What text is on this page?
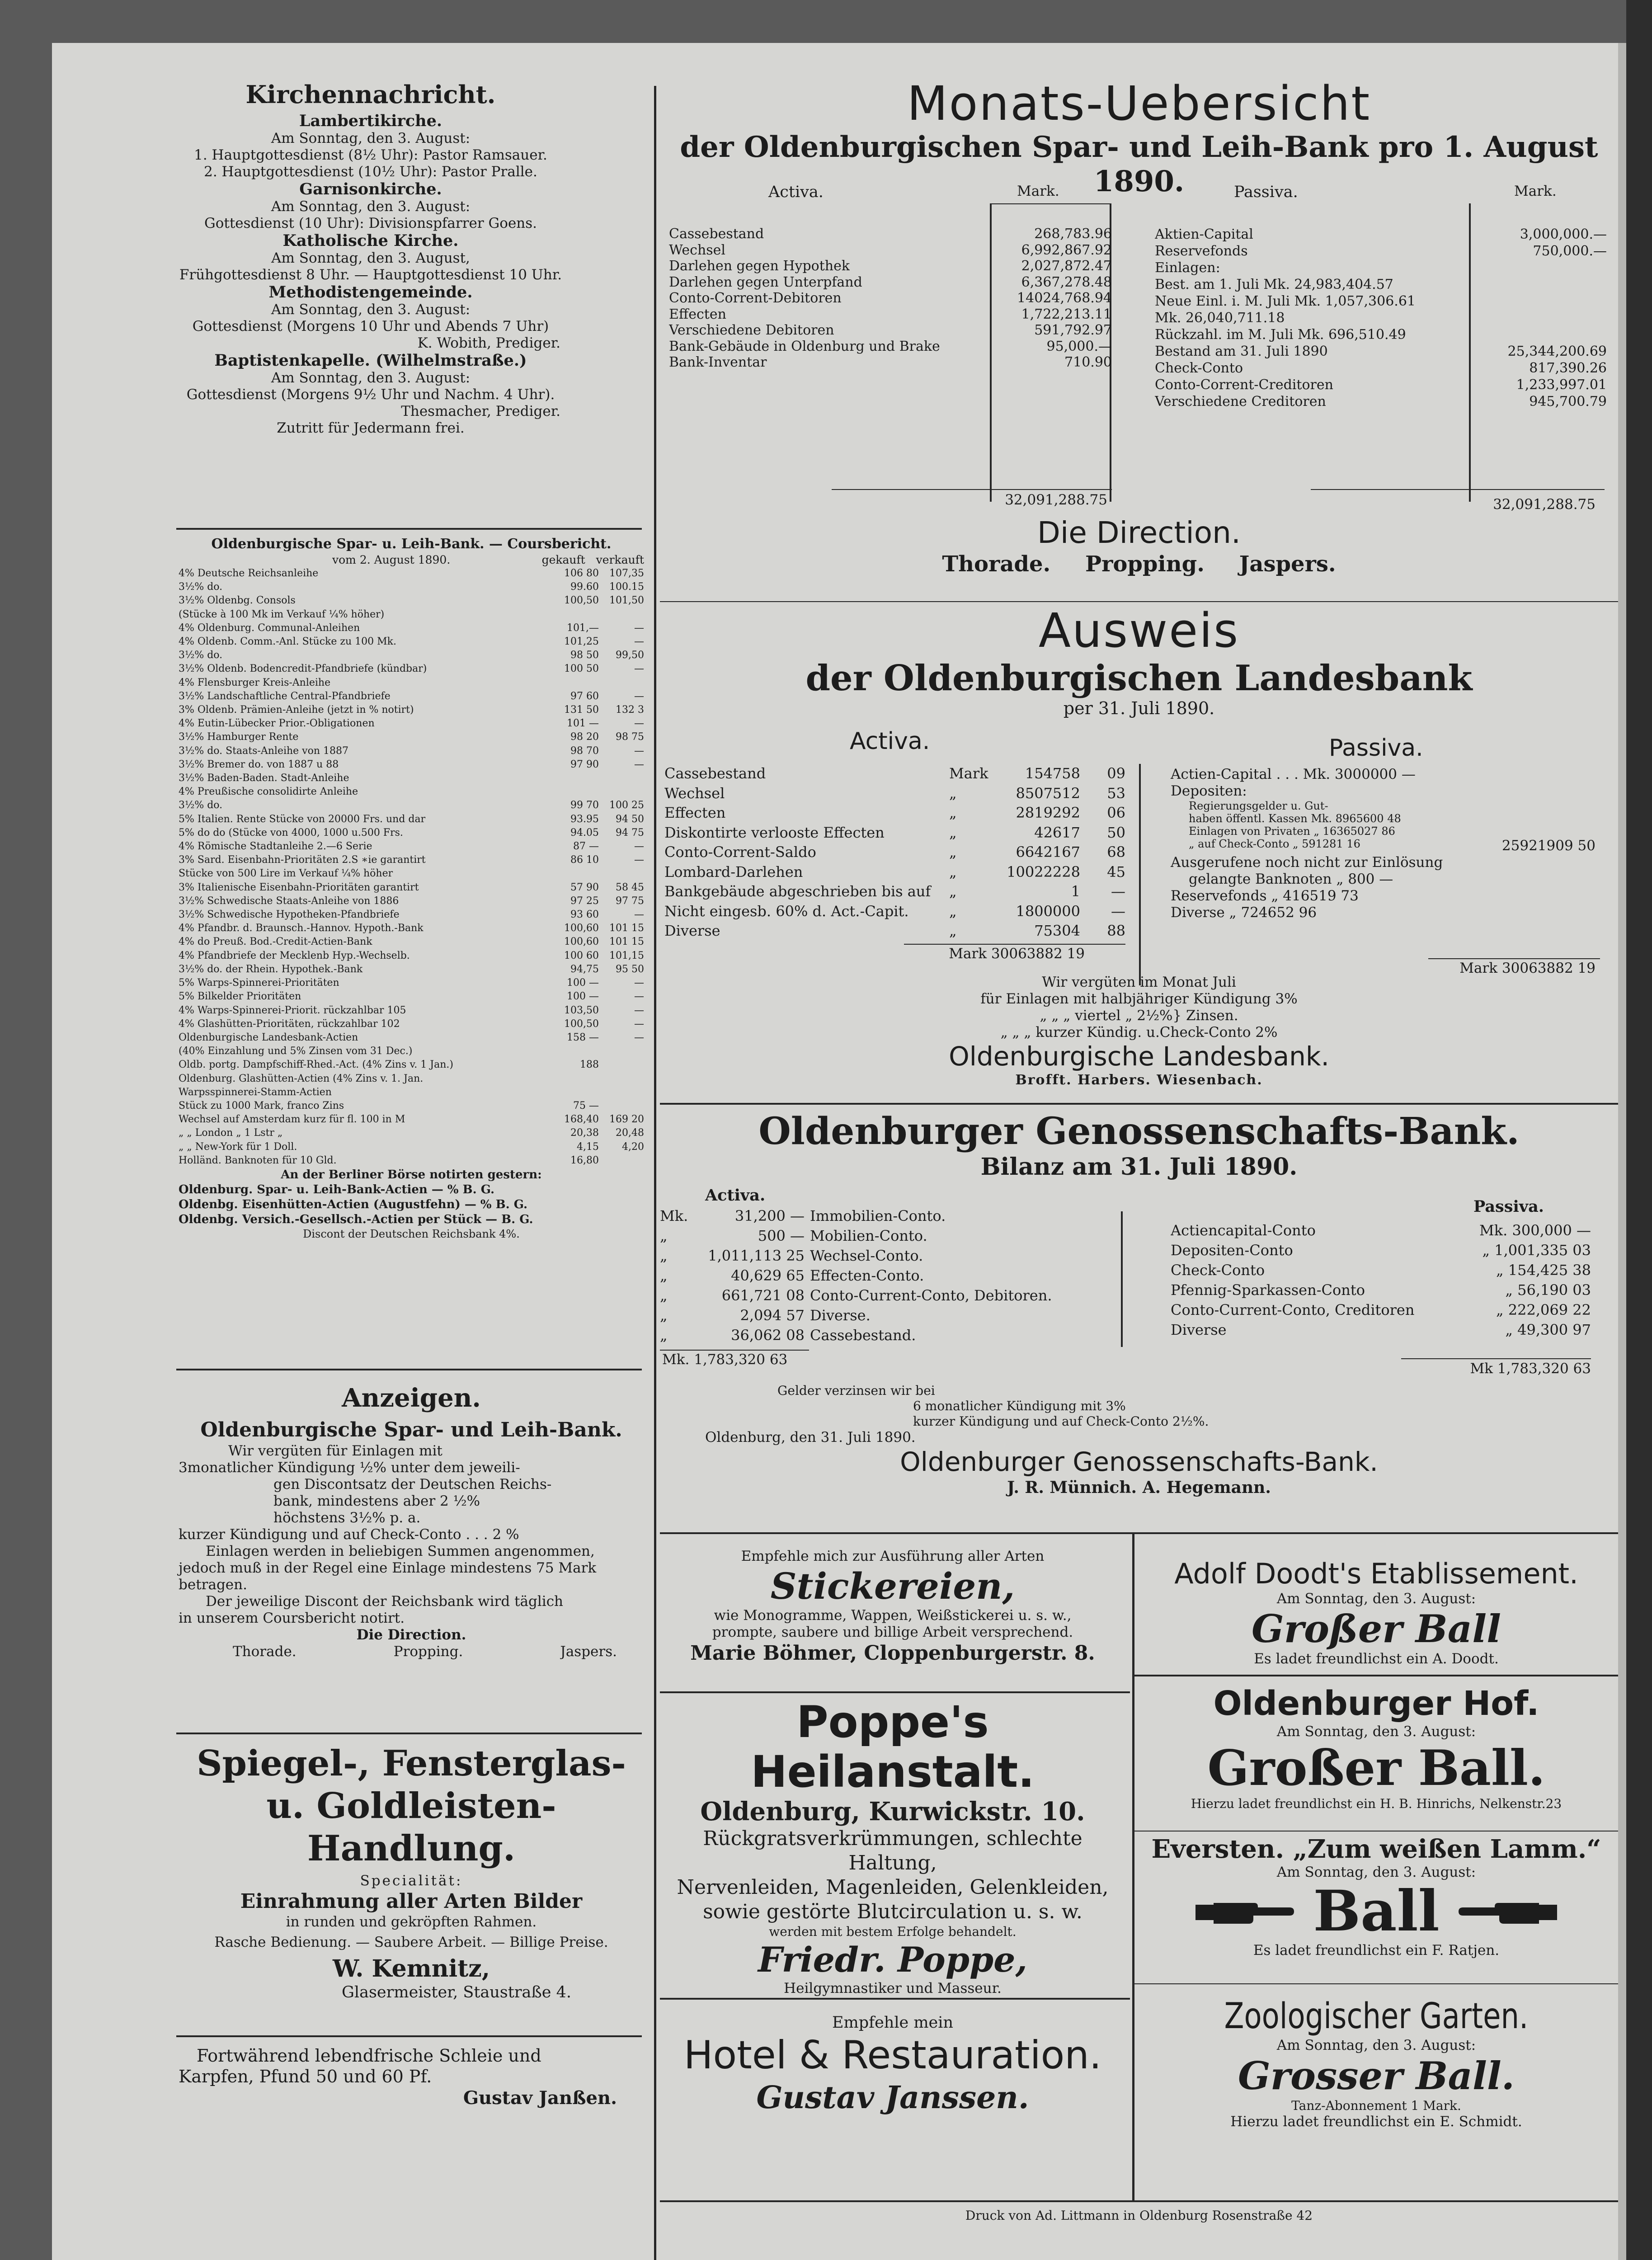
Kirchennachricht.
Lambertikirche.
Am Sonntag, den 3. August:
1. Hauptgottesdienst (8½ Uhr): Pastor Ramsauer.
2. Hauptgottesdienst (10½ Uhr): Pastor Pralle.
Garnisonkirche.
Am Sonntag, den 3. August:
Gottesdienst (10 Uhr): Divisionspfarrer Goens.
Katholische Kirche.
Am Sonntag, den 3. August,
Frühgottesdienst 8 Uhr. — Hauptgottesdienst 10 Uhr.
Methodistengemeinde.
Am Sonntag, den 3. August:
Gottesdienst (Morgens 10 Uhr und Abends 7 Uhr)
K. Wobith, Prediger.
Baptistenkapelle. (Wilhelmstraße.)
Am Sonntag, den 3. August:
Gottesdienst (Morgens 9½ Uhr und Nachm. 4 Uhr).
Thesmacher, Prediger.
Zutritt für Jedermann frei.
Oldenburgische Spar- u. Leih-Bank. — Coursbericht.
vom 2. August 1890.	gekauft verkauft
4% Deutsche Reichsanleihe	106 80	107,35
3½% do.	99.60	100.15
3½% Oldenbg. Consols	100,50	101,50
(Stücke à 100 Mk im Verkauf ¼% höher)
4% Oldenburg. Communal-Anleihen	101,—	—
4% Oldenb. Comm.-Anl. Stücke zu 100 Mk.	101,25	—
3½% do.	98 50	99,50
3½% Oldenb. Bodencredit-Pfandbriefe (kündbar)	100 50	—
4% Flensburger Kreis-Anleihe
3½% Landschaftliche Central-Pfandbriefe	97 60	—
3% Oldenb. Prämien-Anleihe (jetzt in % notirt)	131 50	132 3
4% Eutin-Lübecker Prior.-Obligationen	101 —	—
3½% Hamburger Rente	98 20	98 75
3½% do. Staats-Anleihe von 1887	98 70	—
3½% Bremer do. von 1887 u 88	97 90	—
3½% Baden-Baden. Stadt-Anleihe
4% Preußische consolidirte Anleihe
3½% do.	99 70	100 25
5% Italien. Rente Stücke von 20000 Frs. und dar	93.95	94 50
5% do do (Stücke von 4000, 1000 u.500 Frs.	94.05	94 75
4% Römische Stadtanleihe 2.—6 Serie	87 —	—
3% Sard. Eisenbahn-Prioritäten 2.S ∗ie garantirt	86 10	—
Stücke von 500 Lire im Verkauf ¼% höher
3% Italienische Eisenbahn-Prioritäten garantirt	57 90	58 45
3½% Schwedische Staats-Anleihe von 1886	97 25	97 75
3½% Schwedische Hypotheken-Pfandbriefe	93 60	—
4% Pfandbr. d. Braunsch.-Hannov. Hypoth.-Bank	100,60	101 15
4% do Preuß. Bod.-Credit-Actien-Bank	100,60	101 15
4% Pfandbriefe der Mecklenb Hyp.-Wechselb.	100 60	101,15
3½% do. der Rhein. Hypothek.-Bank	94,75	95 50
5% Warps-Spinnerei-Prioritäten	100 —	—
5% Bilkelder Prioritäten	100 —	—
4% Warps-Spinnerei-Priorit. rückzahlbar 105	103,50	—
4% Glashütten-Prioritäten, rückzahlbar 102	100,50	—
Oldenburgische Landesbank-Actien	158 —	—
(40% Einzahlung und 5% Zinsen vom 31 Dec.)
Oldb. portg. Dampfschiff-Rhed.-Act. (4% Zins v. 1 Jan.)	188
Oldenburg. Glashütten-Actien (4% Zins v. 1. Jan.
Warpsspinnerei-Stamm-Actien
Stück zu 1000 Mark, franco Zins	75 —
Wechsel auf Amsterdam kurz für fl. 100 in M	168,40	169 20
„ „ London „ 1 Lstr „	20,38	20,48
„ „ New-York für 1 Doll.	4,15	4,20
Holländ. Banknoten für 10 Gld.	16,80
An der Berliner Börse notirten gestern:
Oldenburg. Spar- u. Leih-Bank-Actien — % B. G.
Oldenbg. Eisenhütten-Actien (Augustfehn) — % B. G.
Oldenbg. Versich.-Gesellsch.-Actien per Stück — B. G.
Discont der Deutschen Reichsbank 4%.
Anzeigen.
Oldenburgische Spar- und Leih-Bank.
Wir vergüten für Einlagen mit
3monatlicher Kündigung ½% unter dem jeweili-
gen Discontsatz der Deutschen Reichs-
bank, mindestens aber 2 ½%
höchstens 3½% p. a.
kurzer Kündigung und auf Check-Conto . . . 2 %
Einlagen werden in beliebigen Summen angenommen,
jedoch muß in der Regel eine Einlage mindestens 75 Mark
betragen.
Der jeweilige Discont der Reichsbank wird täglich
in unserem Coursbericht notirt.
Die Direction.
Thorade.	Propping.	Jaspers.
Spiegel-, Fensterglas-
u. Goldleisten-Handlung.
Specialität:
Einrahmung aller Arten Bilder
in runden und gekröpften Rahmen.
Rasche Bedienung. — Saubere Arbeit. — Billige Preise.
W. Kemnitz,
Glasermeister, Staustraße 4.
Fortwährend lebendfrische Schleie und
Karpfen, Pfund 50 und 60 Pf.
Gustav Janßen.
Monats-Uebersicht
der Oldenburgischen Spar- und Leih-Bank pro 1. August 1890.
Activa.	Mark.	Passiva.	Mark.
Cassebestand	268,783.96
Wechsel	6,992,867.92
Darlehen gegen Hypothek	2,027,872.47
Darlehen gegen Unterpfand	6,367,278.48
Conto-Corrent-Debitoren	14024,768.94
Effecten	1,722,213.11
Verschiedene Debitoren	591,792.97
Bank-Gebäude in Oldenburg und Brake	95,000.—
Bank-Inventar	710.90
Aktien-Capital	3,000,000.—
Reservefonds	750,000.—
Einlagen:
Best. am 1. Juli Mk. 24,983,404.57
Neue Einl. i. M. Juli Mk. 1,057,306.61
Mk. 26,040,711.18
Rückzahl. im M. Juli Mk. 696,510.49
Bestand am 31. Juli 1890	25,344,200.69
Check-Conto	817,390.26
Conto-Corrent-Creditoren	1,233,997.01
Verschiedene Creditoren	945,700.79
32,091,288.75	32,091,288.75
Die Direction.
Thorade. Propping. Jaspers.
Ausweis
der Oldenburgischen Landesbank
per 31. Juli 1890.
Activa.	Passiva.
Cassebestand	Mark	154758	09
Wechsel	„	8507512	53
Effecten	„	2819292	06
Diskontirte verlooste Effecten	„	42617	50
Conto-Corrent-Saldo	„	6642167	68
Lombard-Darlehen	„	10022228	45
Bankgebäude abgeschrieben bis auf	„	1	—
Nicht eingesb. 60% d. Act.-Capit.	„	1800000	—
Diverse	„	75304	88
Mark 30063882 19
Actien-Capital . . . Mk. 3000000 —
Depositen:
Regierungsgelder u. Gut-
haben öffentl. Kassen Mk. 8965600 48
Einlagen von Privaten „ 16365027 86
„ auf Check-Conto „ 591281 16	25921909 50
Ausgerufene noch nicht zur Einlösung
gelangte Banknoten „ 800 —
Reservefonds „ 416519 73
Diverse „ 724652 96
Mark 30063882 19
Wir vergüten im Monat Juli
für Einlagen mit halbjähriger Kündigung 3%
„ „ „ viertel „ 2½%} Zinsen.
„ „ „ kurzer Kündig. u.Check-Conto 2%
Oldenburgische Landesbank.
Brofft. Harbers. Wiesenbach.
Oldenburger Genossenschafts-Bank.
Bilanz am 31. Juli 1890.
Activa.
Passiva.
Mk.	31,200 — Immobilien-Conto.
„	500 — Mobilien-Conto.
„	1,011,113 25 Wechsel-Conto.
„	40,629 65 Effecten-Conto.
„	661,721 08 Conto-Current-Conto, Debitoren.
„	2,094 57 Diverse.
„	36,062 08 Cassebestand.
Mk. 1,783,320 63
Actiencapital-Conto	Mk. 300,000 —
Depositen-Conto	„ 1,001,335 03
Check-Conto	„ 154,425 38
Pfennig-Sparkassen-Conto	„ 56,190 03
Conto-Current-Conto, Creditoren	„ 222,069 22
Diverse	„ 49,300 97
Mk 1,783,320 63
Gelder verzinsen wir bei
6 monatlicher Kündigung mit 3%
kurzer Kündigung und auf Check-Conto 2½%.
Oldenburg, den 31. Juli 1890.
Oldenburger Genossenschafts-Bank.
J. R. Münnich. A. Hegemann.
Empfehle mich zur Ausführung aller Arten
Stickereien,
wie Monogramme, Wappen, Weißstickerei u. s. w.,
prompte, saubere und billige Arbeit versprechend.
Marie Böhmer, Cloppenburgerstr. 8.
Poppe's Heilanstalt.
Oldenburg, Kurwickstr. 10.
Rückgratsverkrümmungen, schlechte Haltung,
Nervenleiden, Magenleiden, Gelenkleiden,
sowie gestörte Blutcirculation u. s. w.
werden mit bestem Erfolge behandelt.
Friedr. Poppe,
Heilgymnastiker und Masseur.
Empfehle mein
Hotel & Restauration.
Gustav Janssen.
Adolf Doodt's Etablissement.
Am Sonntag, den 3. August:
Großer Ball
Es ladet freundlichst ein A. Doodt.
Oldenburger Hof.
Am Sonntag, den 3. August:
Großer Ball.
Hierzu ladet freundlichst ein H. B. Hinrichs, Nelkenstr.23
Eversten. „Zum weißen Lamm.“
Am Sonntag, den 3. August:
Ball
Es ladet freundlichst ein F. Ratjen.
Zoologischer Garten.
Am Sonntag, den 3. August:
Grosser Ball.
Tanz-Abonnement 1 Mark.
Hierzu ladet freundlichst ein E. Schmidt.
Druck von Ad. Littmann in Oldenburg Rosenstraße 42
